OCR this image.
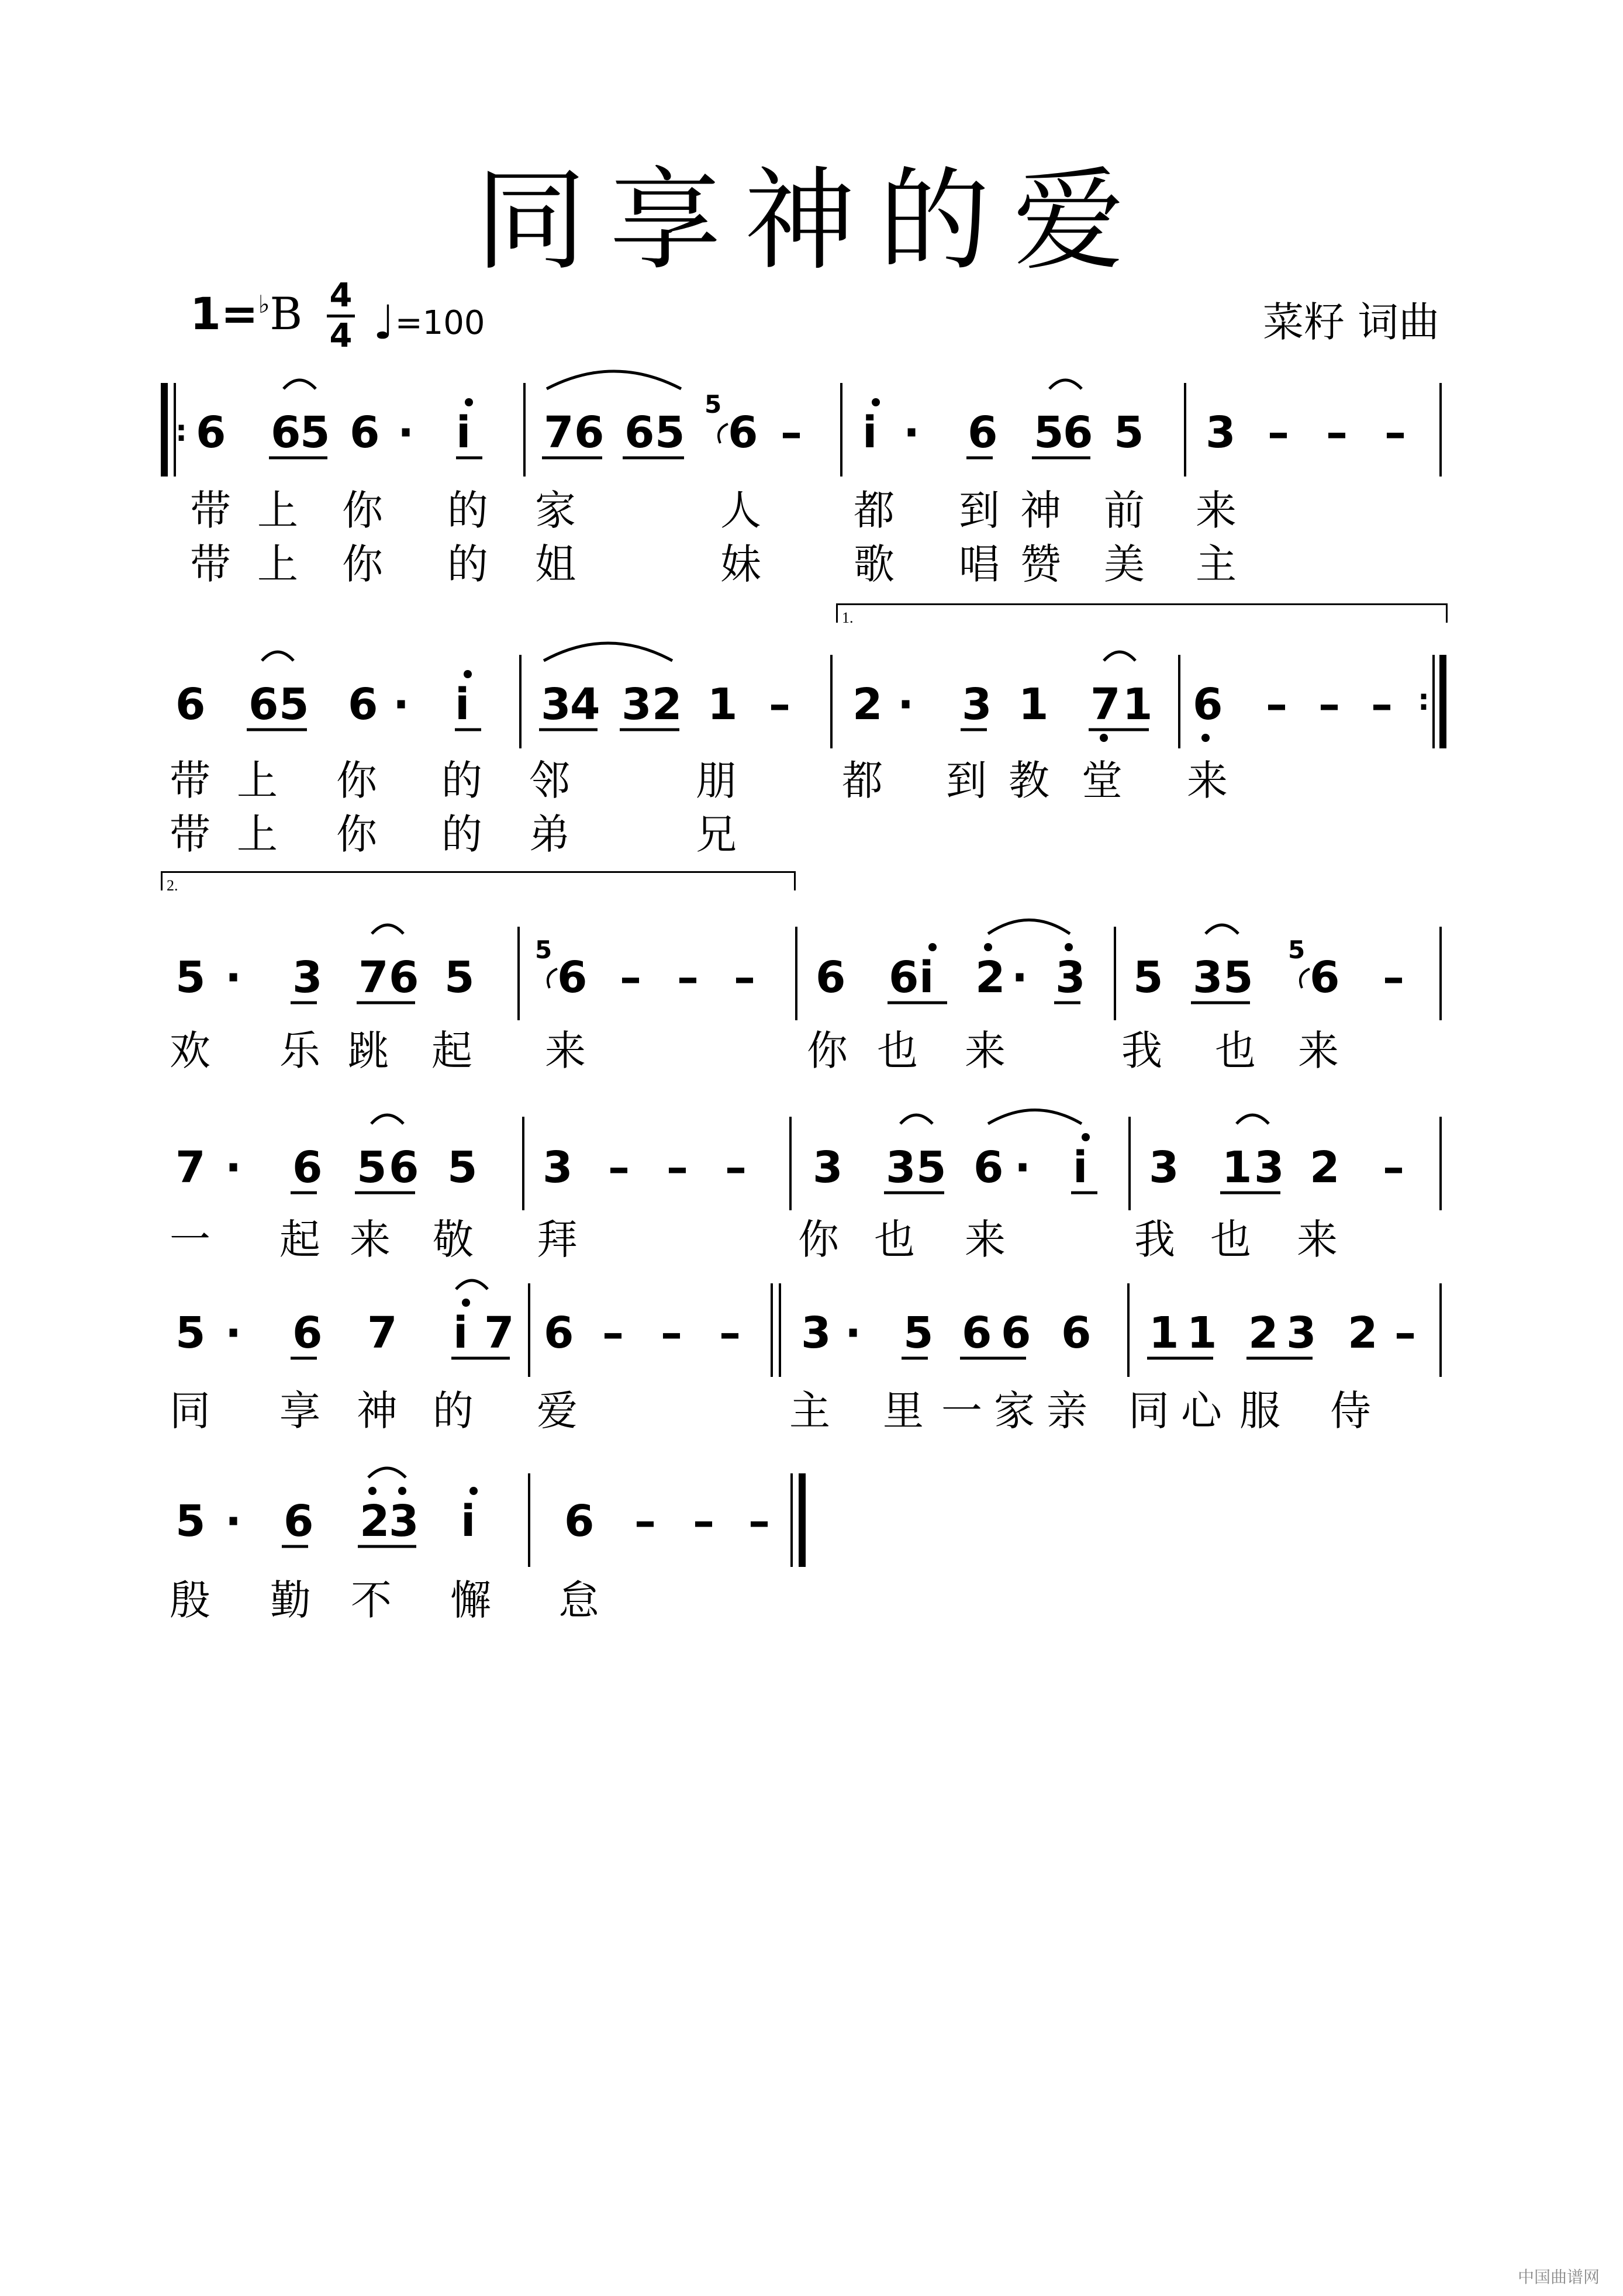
同享神的爱
菜籽 词曲
1=♭B 4
4 ♩=100
1.
2.
: 6 6
5 6 · i 7 6 6 5
5
6 – i · 6 5
6 5 3 – – –
带 上 你 的 家	人 都 到 神 前 来
带 上 你 的 姐	妹 歌 唱 赞 美 主
6 6 5 6 · i 3
4 3 2 1 – 2 · 3 1 7 1 6 – – – :
带 上 你 的 邻	朋	都 到 教 堂 来
带 上 你 的 弟	兄
5 · 3 7 6 5
5
6 – – – 6 6 i 2 · 3 5 3 5
5
6 –
欢 乐 跳 起 来	你 也 来	我 也 来
7 · 6 5 6 5 3 – – – 3 3 5 6 · i 3 1 3 2 –
一 起 来 敬 拜	你 也 来	我 也 来
5 · 6 7 i 7 6 – – – 3 · 5 6 6 6 1 1 2 3 2 –
同 享 神 的 爱	主 里 一 家 亲 同 心 服 侍
5 · 6 2
3 i 6 – – –
殷 勤 不 懈 怠
中国曲谱网
